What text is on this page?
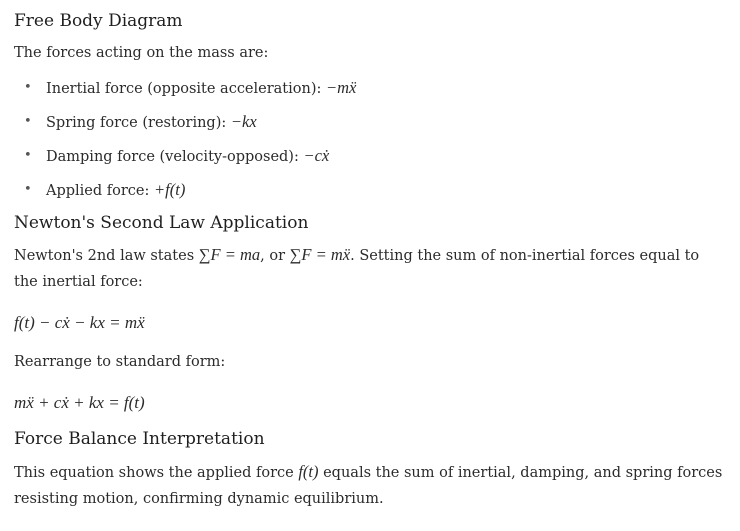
Free Body Diagram

The forces acting on the mass are:

• Inertial force (opposite acceleration): −mẍ
• Spring force (restoring): −kx
• Damping force (velocity-opposed): −cẋ
• Applied force: +f(t)
Newton's Second Law Application

Newton's 2nd law states ∑F = ma, or ∑F = mẍ. Setting the sum of non-inertial forces equal to the inertial force:

f(t) − cẋ − kx = mẍ

Rearrange to standard form:

mẍ + cẋ + kx = f(t)
Force Balance Interpretation

This equation shows the applied force f(t) equals the sum of inertial, damping, and spring forces resisting motion, confirming dynamic equilibrium.
